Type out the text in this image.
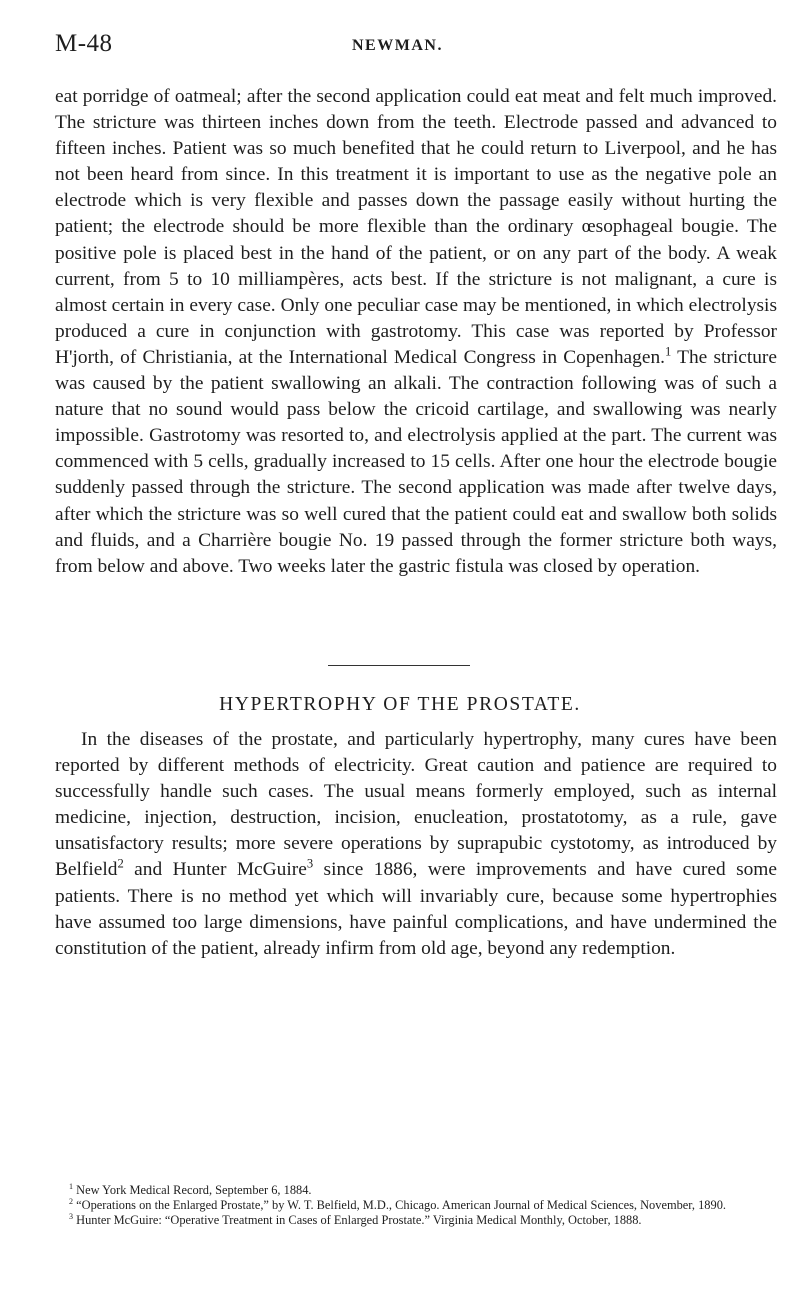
M-48	NEWMAN.

eat porridge of oatmeal; after the second application could eat meat and felt much improved. The stricture was thirteen inches down from the teeth. Electrode passed and advanced to fifteen inches. Patient was so much benefited that he could return to Liverpool, and he has not been heard from since. In this treatment it is important to use as the negative pole an electrode which is very flexible and passes down the passage easily without hurting the patient; the electrode should be more flexible than the ordinary œsophageal bougie. The positive pole is placed best in the hand of the patient, or on any part of the body. A weak current, from 5 to 10 milliampères, acts best. If the stricture is not malignant, a cure is almost certain in every case. Only one peculiar case may be mentioned, in which electrolysis produced a cure in conjunction with gastrotomy. This case was reported by Professor H'jorth, of Christiania, at the International Medical Congress in Copenhagen.$^1$ The stricture was caused by the patient swallowing an alkali. The contraction following was of such a nature that no sound would pass below the cricoid cartilage, and swallowing was nearly impossible. Gastrotomy was resorted to, and electrolysis applied at the part. The current was commenced with 5 cells, gradually increased to 15 cells. After one hour the electrode bougie suddenly passed through the stricture. The second application was made after twelve days, after which the stricture was so well cured that the patient could eat and swallow both solids and fluids, and a Charrière bougie No. 19 passed through the former stricture both ways, from below and above. Two weeks later the gastric fistula was closed by operation.

HYPERTROPHY OF THE PROSTATE.

In the diseases of the prostate, and particularly hypertrophy, many cures have been reported by different methods of electricity. Great caution and patience are required to successfully handle such cases. The usual means formerly employed, such as internal medicine, injection, destruction, incision, enucleation, prostatotomy, as a rule, gave unsatisfactory results; more severe operations by suprapubic cystotomy, as introduced by Belfield$^2$ and Hunter McGuire$^3$ since 1886, were improvements and have cured some patients. There is no method yet which will invariably cure, because some hypertrophies have assumed too large dimensions, have painful complications, and have undermined the constitution of the patient, already infirm from old age, beyond any redemption.

$^1$ New York Medical Record, September 6, 1884.

$^2$ “Operations on the Enlarged Prostate,” by W. T. Belfield, M.D., Chicago. American Journal of Medical Sciences, November, 1890.

$^3$ Hunter McGuire: “Operative Treatment in Cases of Enlarged Prostate.” Virginia Medical Monthly, October, 1888.
